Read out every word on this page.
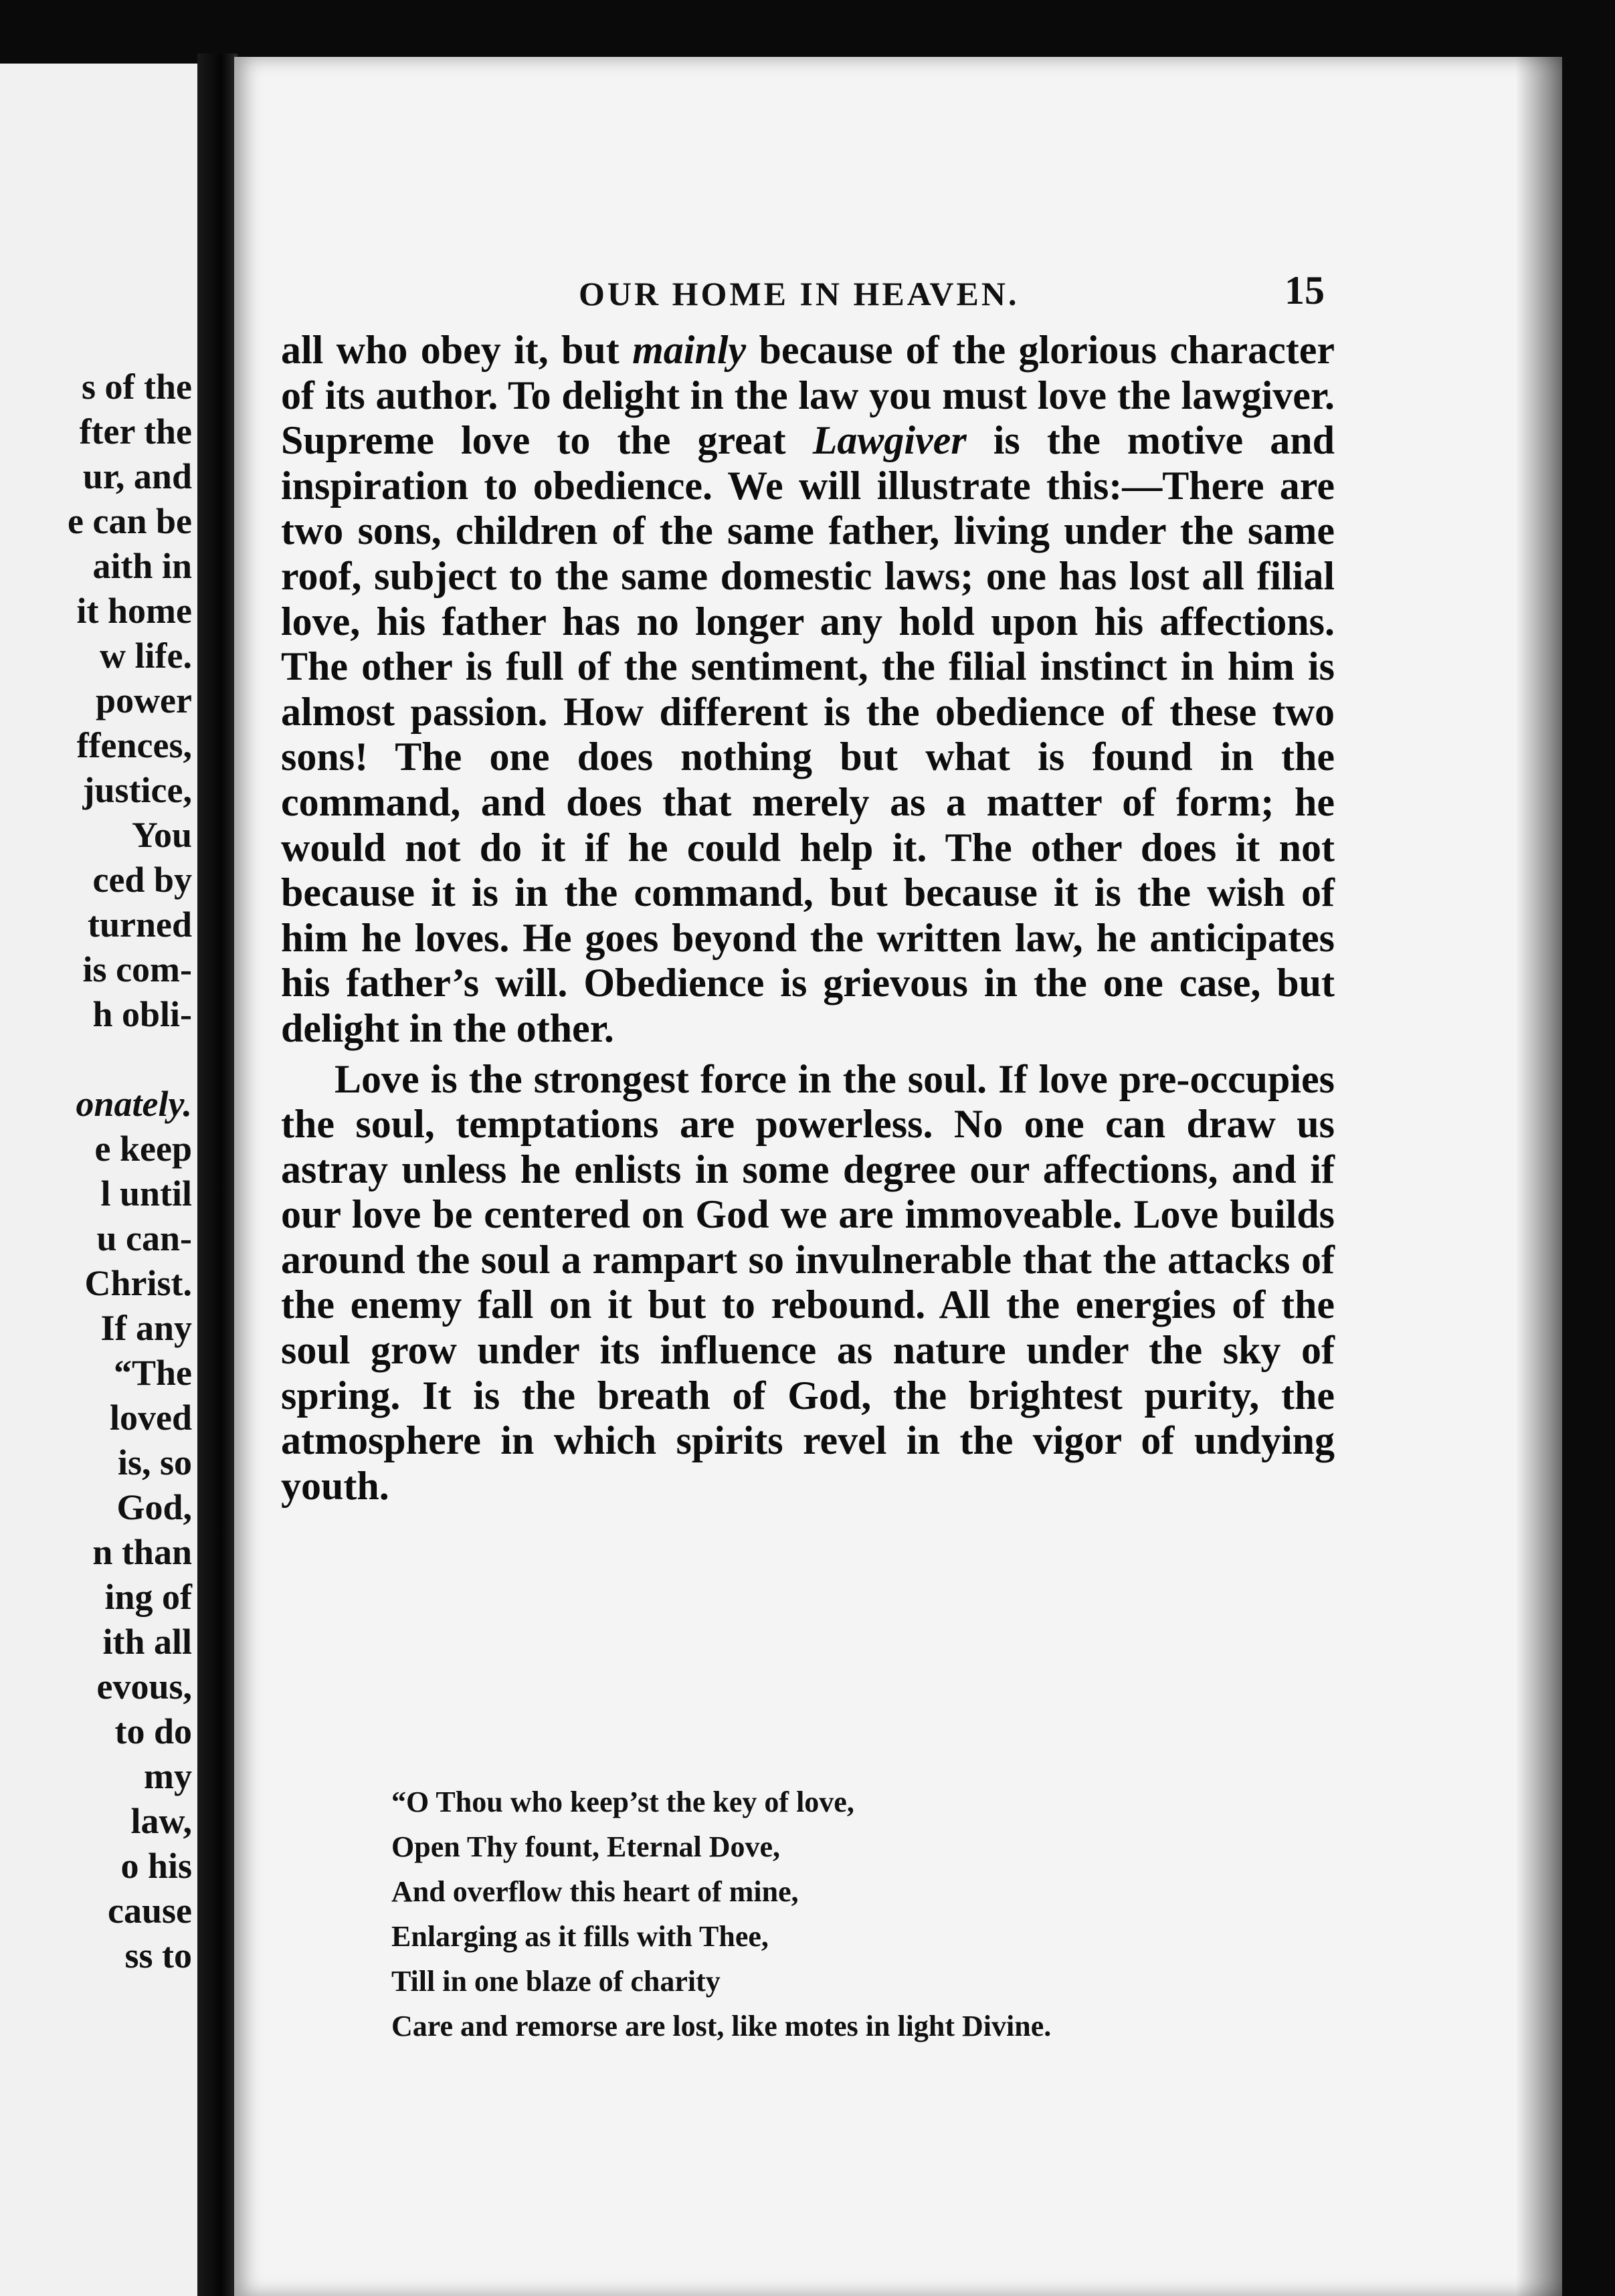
s of the
fter the
ur, and
e can be
aith in
it home
w life.
power
ffences,
justice,
You
ced by
turned
is com-
h obli-

onately.
e keep
l until
u can-
Christ.
If any
“The
loved
is, so
God,
n than
ing of
ith all
evous,
to do
my
law,
o his
cause
ss to
OUR HOME IN HEAVEN.	15

all who obey it, but mainly because of the glorious character of its author. To delight in the law you must love the lawgiver. Supreme love to the great Lawgiver is the motive and inspiration to obedience. We will illustrate this:—There are two sons, children of the same father, living under the same roof, subject to the same domestic laws; one has lost all filial love, his father has no longer any hold upon his affections. The other is full of the sentiment, the filial instinct in him is almost passion. How different is the obedience of these two sons! The one does nothing but what is found in the command, and does that merely as a matter of form; he would not do it if he could help it. The other does it not because it is in the command, but because it is the wish of him he loves. He goes beyond the written law, he anticipates his father’s will. Obedience is grievous in the one case, but delight in the other.

Love is the strongest force in the soul. If love pre-occupies the soul, temptations are powerless. No one can draw us astray unless he enlists in some degree our affections, and if our love be centered on God we are immoveable. Love builds around the soul a rampart so invulnerable that the attacks of the enemy fall on it but to rebound. All the energies of the soul grow under its influence as nature under the sky of spring. It is the breath of God, the brightest purity, the atmosphere in which spirits revel in the vigor of undying youth.

“O Thou who keep’st the key of love,
Open Thy fount, Eternal Dove,
And overflow this heart of mine,
Enlarging as it fills with Thee,
Till in one blaze of charity
Care and remorse are lost, like motes in light Divine.
